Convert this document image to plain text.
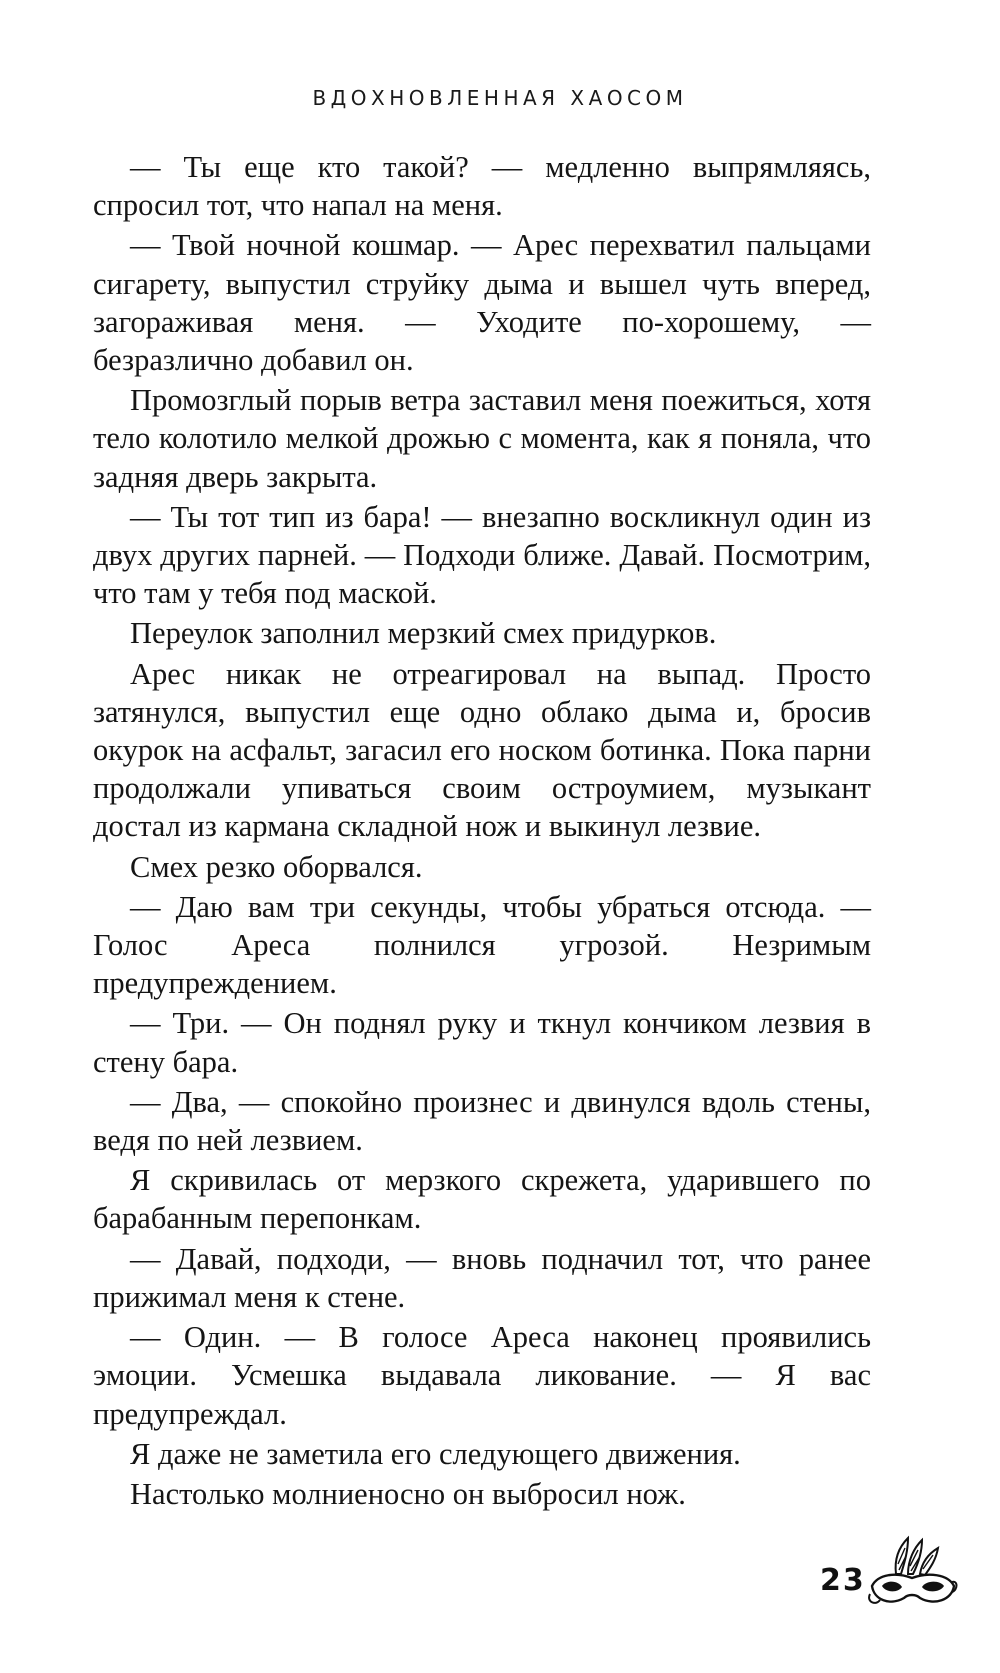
ВДОХНОВЛЕННАЯ ХАОСОМ

— Ты еще кто такой? — медленно выпрямляясь, спросил тот, что напал на меня.

— Твой ночной кошмар. — Арес перехватил пальцами сигарету, выпустил струйку дыма и вышел чуть вперед, загораживая меня. — Уходите по-хорошему, — безразлично добавил он.

Промозглый порыв ветра заставил меня поежиться, хотя тело колотило мелкой дрожью с момента, как я поняла, что задняя дверь закрыта.

— Ты тот тип из бара! — внезапно воскликнул один из двух других парней. — Подходи ближе. Давай. Посмотрим, что там у тебя под маской.

Переулок заполнил мерзкий смех придурков.

Арес никак не отреагировал на выпад. Просто затянулся, выпустил еще одно облако дыма и, бросив окурок на асфальт, загасил его носком ботинка. Пока парни продолжали упиваться своим остроумием, музыкант достал из кармана складной нож и выкинул лезвие.

Смех резко оборвался.

— Даю вам три секунды, чтобы убраться отсюда. — Голос Ареса полнился угрозой. Незримым предупреждением.

— Три. — Он поднял руку и ткнул кончиком лезвия в стену бара.

— Два, — спокойно произнес и двинулся вдоль стены, ведя по ней лезвием.

Я скривилась от мерзкого скрежета, ударившего по барабанным перепонкам.

— Давай, подходи, — вновь подначил тот, что ранее прижимал меня к стене.

— Один. — В голосе Ареса наконец проявились эмоции. Усмешка выдавала ликование. — Я вас предупреждал.

Я даже не заметила его следующего движения.

Настолько молниеносно он выбросил нож.

23
